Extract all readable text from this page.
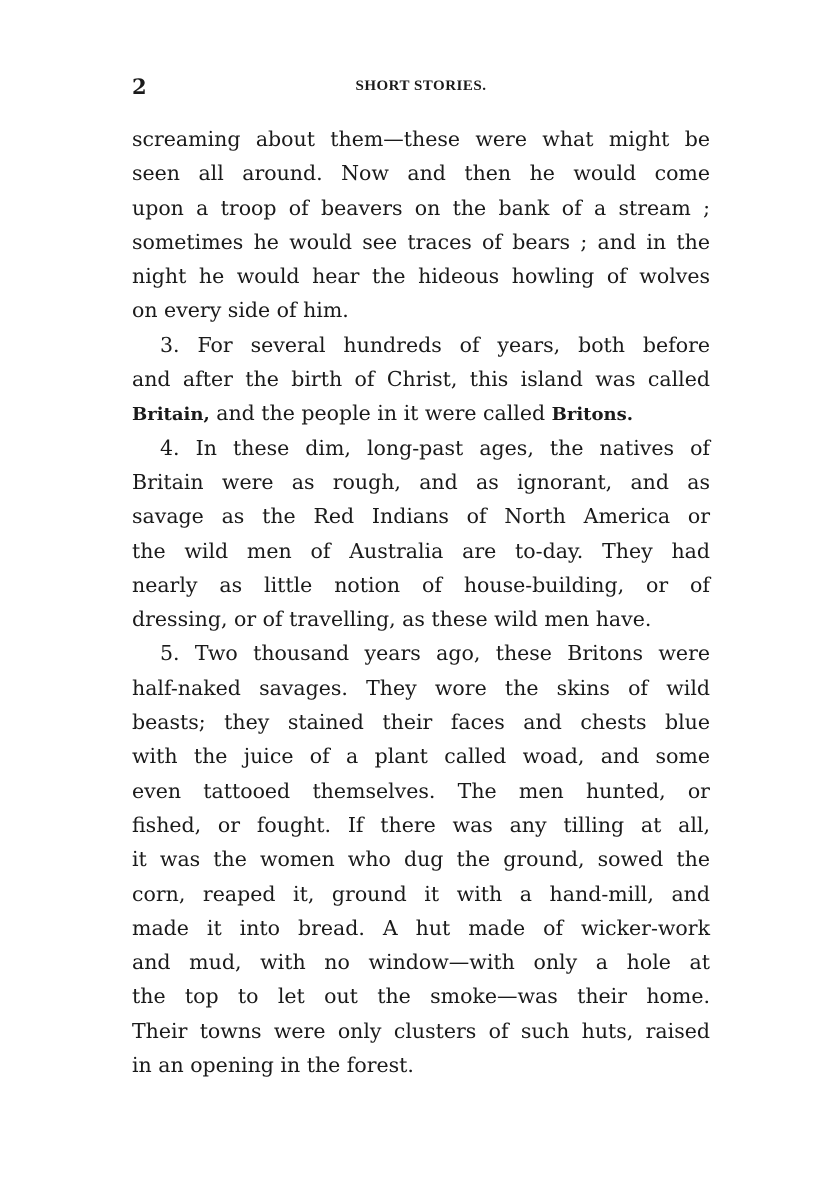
2	SHORT STORIES.
screaming about them—these were what might be
seen all around. Now and then he would come
upon a troop of beavers on the bank of a stream ;
sometimes he would see traces of bears ; and in the
night he would hear the hideous howling of wolves
on every side of him.
3. For several hundreds of years, both before
and after the birth of Christ, this island was called
Britain, and the people in it were called Britons.
4. In these dim, long-past ages, the natives of
Britain were as rough, and as ignorant, and as
savage as the Red Indians of North America or
the wild men of Australia are to-day. They had
nearly as little notion of house-building, or of
dressing, or of travelling, as these wild men have.
5. Two thousand years ago, these Britons were
half-naked savages. They wore the skins of wild
beasts; they stained their faces and chests blue
with the juice of a plant called woad, and some
even tattooed themselves. The men hunted, or
fished, or fought. If there was any tilling at all,
it was the women who dug the ground, sowed the
corn, reaped it, ground it with a hand-mill, and
made it into bread. A hut made of wicker-work
and mud, with no window—with only a hole at
the top to let out the smoke—was their home.
Their towns were only clusters of such huts, raised
in an opening in the forest.
